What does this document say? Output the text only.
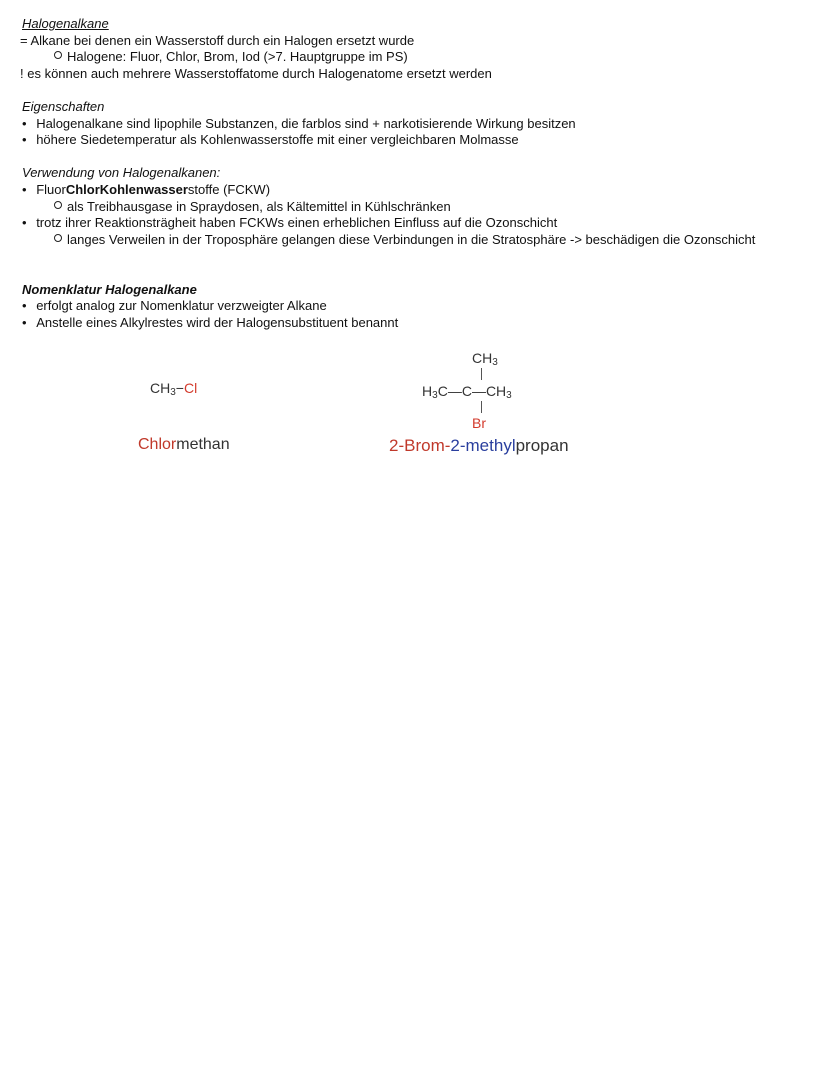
Halogenalkane
= Alkane bei denen ein Wasserstoff durch ein Halogen ersetzt wurde
Halogene: Fluor, Chlor, Brom, Iod (>7. Hauptgruppe im PS)
! es können auch mehrere Wasserstoffatome durch Halogenatome ersetzt werden
Eigenschaften
• Halogenalkane sind lipophile Substanzen, die farblos sind + narkotisierende Wirkung besitzen
• höhere Siedetemperatur als Kohlenwasserstoffe mit einer vergleichbaren Molmasse
Verwendung von Halogenalkanen:
• FluorChlorKohlenwasserstoffe (FCKW)
als Treibhausgase in Spraydosen, als Kältemittel in Kühlschränken
• trotz ihrer Reaktionsträgheit haben FCKWs einen erheblichen Einfluss auf die Ozonschicht
langes Verweilen in der Troposphäre gelangen diese Verbindungen in die Stratosphäre -> beschädigen die Ozonschicht
Nomenklatur Halogenalkane
• erfolgt analog zur Nomenklatur verzweigter Alkane
• Anstelle eines Alkylrestes wird der Halogensubstituent benannt
$CH_3-Cl$
Chlormethan
$CH_3$
$H_3C—C—CH_3$
Br
2-Brom-2-methylpropan
